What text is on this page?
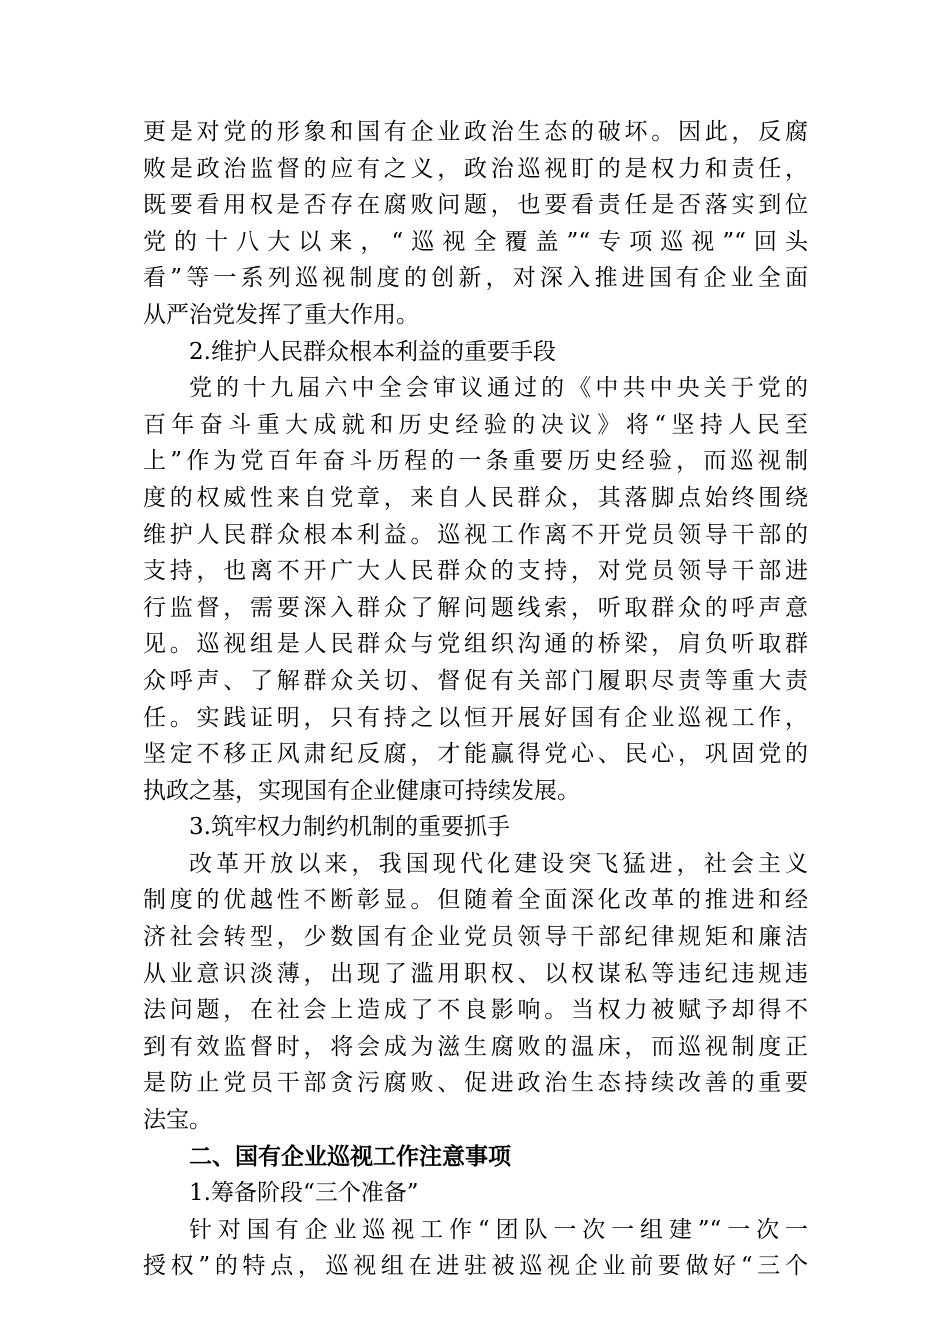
更是对党的形象和国有企业政治生态的破坏。因此，反腐
败是政治监督的应有之义，政治巡视盯的是权力和责任，
既要看用权是否存在腐败问题，也要看责任是否落实到位
党的十八大以来，“巡视全覆盖”“专项巡视”“回头
看”等一系列巡视制度的创新，对深入推进国有企业全面
从严治党发挥了重大作用。
2.维护人民群众根本利益的重要手段
党的十九届六中全会审议通过的《中共中央关于党的
百年奋斗重大成就和历史经验的决议》将“坚持人民至
上”作为党百年奋斗历程的一条重要历史经验，而巡视制
度的权威性来自党章，来自人民群众，其落脚点始终围绕
维护人民群众根本利益。巡视工作离不开党员领导干部的
支持，也离不开广大人民群众的支持，对党员领导干部进
行监督，需要深入群众了解问题线索，听取群众的呼声意
见。巡视组是人民群众与党组织沟通的桥梁，肩负听取群
众呼声、了解群众关切、督促有关部门履职尽责等重大责
任。实践证明，只有持之以恒开展好国有企业巡视工作，
坚定不移正风肃纪反腐，才能赢得党心、民心，巩固党的
执政之基，实现国有企业健康可持续发展。
3.筑牢权力制约机制的重要抓手
改革开放以来，我国现代化建设突飞猛进，社会主义
制度的优越性不断彰显。但随着全面深化改革的推进和经
济社会转型，少数国有企业党员领导干部纪律规矩和廉洁
从业意识淡薄，出现了滥用职权、以权谋私等违纪违规违
法问题，在社会上造成了不良影响。当权力被赋予却得不
到有效监督时，将会成为滋生腐败的温床，而巡视制度正
是防止党员干部贪污腐败、促进政治生态持续改善的重要
法宝。
二、国有企业巡视工作注意事项
1.筹备阶段“三个准备”
针对国有企业巡视工作“团队一次一组建”“一次一
授权”的特点，巡视组在进驻被巡视企业前要做好“三个
